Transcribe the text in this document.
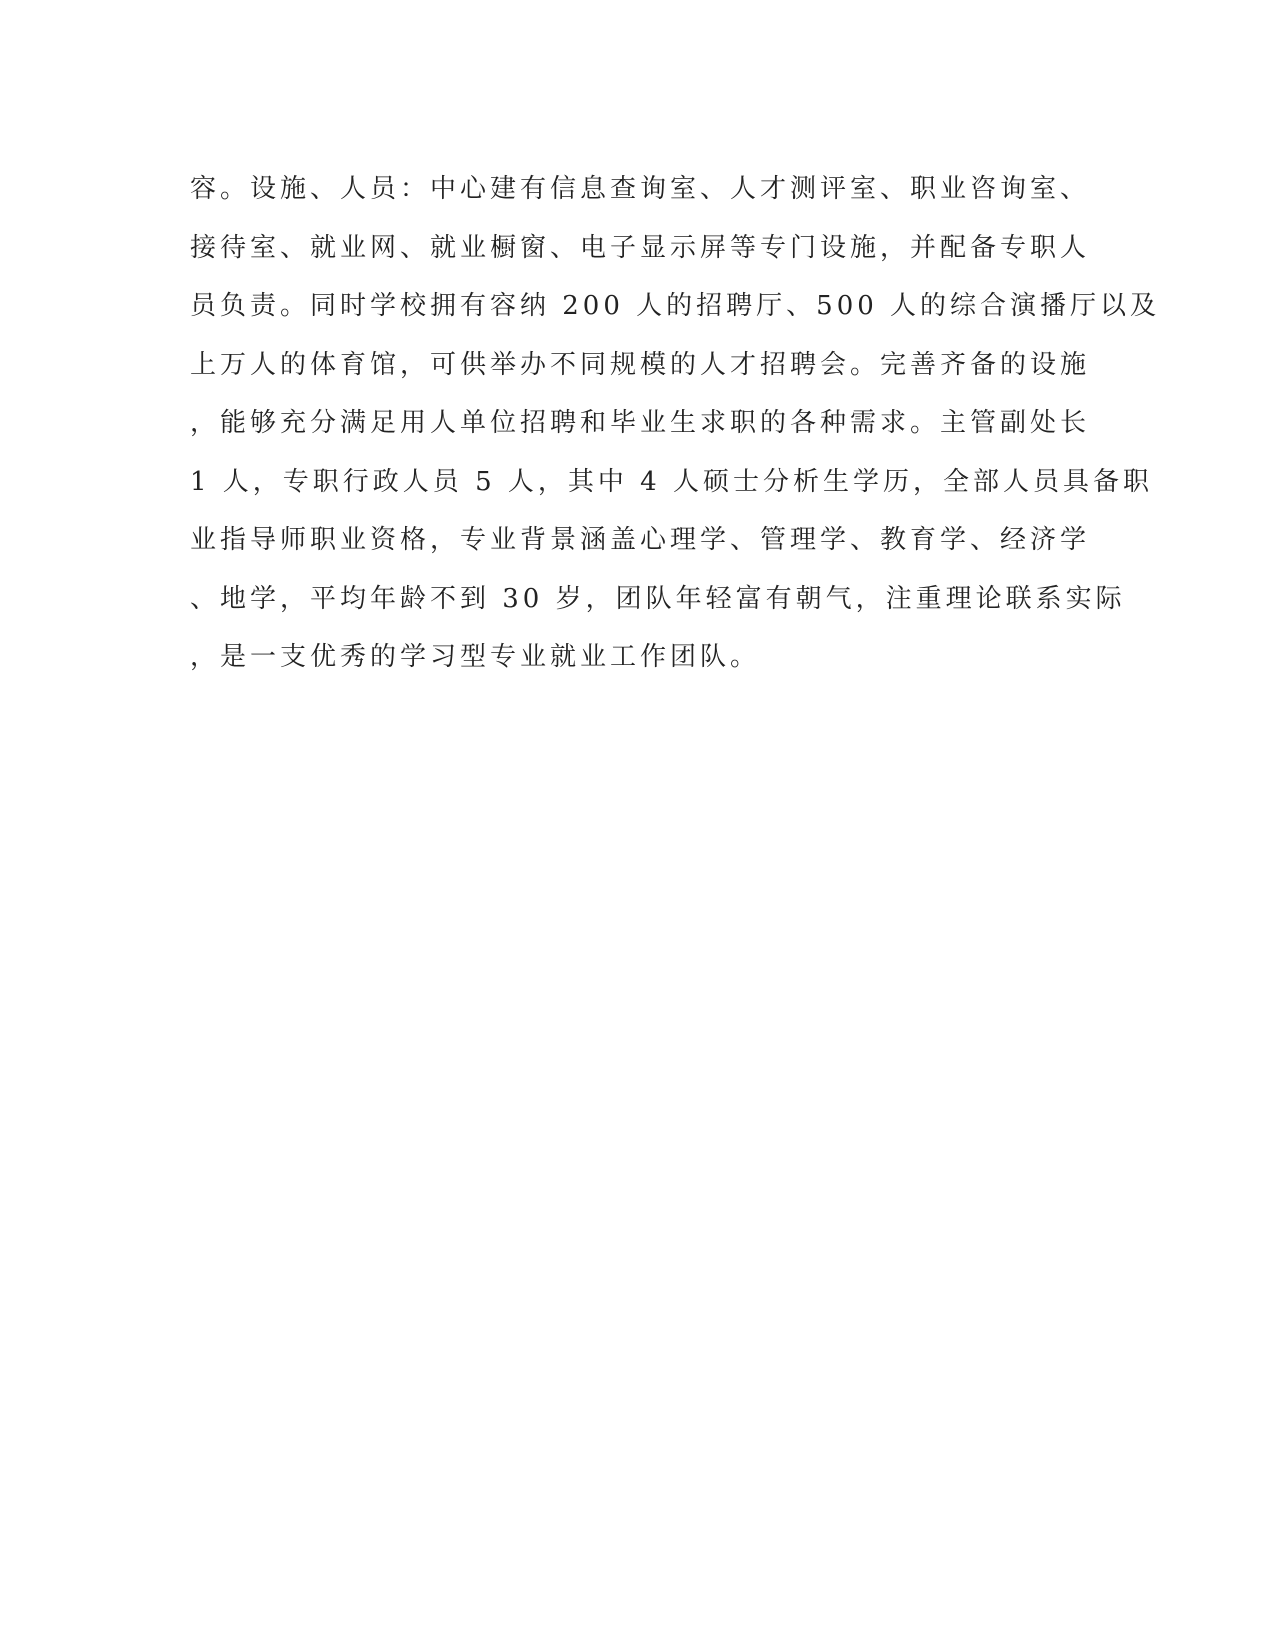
容。设施、人员：中心建有信息查询室、人才测评室、职业咨询室、
接待室、就业网、就业橱窗、电子显示屏等专门设施，并配备专职人
员负责。同时学校拥有容纳 200 人的招聘厅、500 人的综合演播厅以及
上万人的体育馆，可供举办不同规模的人才招聘会。完善齐备的设施
，能够充分满足用人单位招聘和毕业生求职的各种需求。主管副处长
1 人，专职行政人员 5 人，其中 4 人硕士分析生学历，全部人员具备职
业指导师职业资格，专业背景涵盖心理学、管理学、教育学、经济学
、地学，平均年龄不到 30 岁，团队年轻富有朝气，注重理论联系实际
，是一支优秀的学习型专业就业工作团队。
